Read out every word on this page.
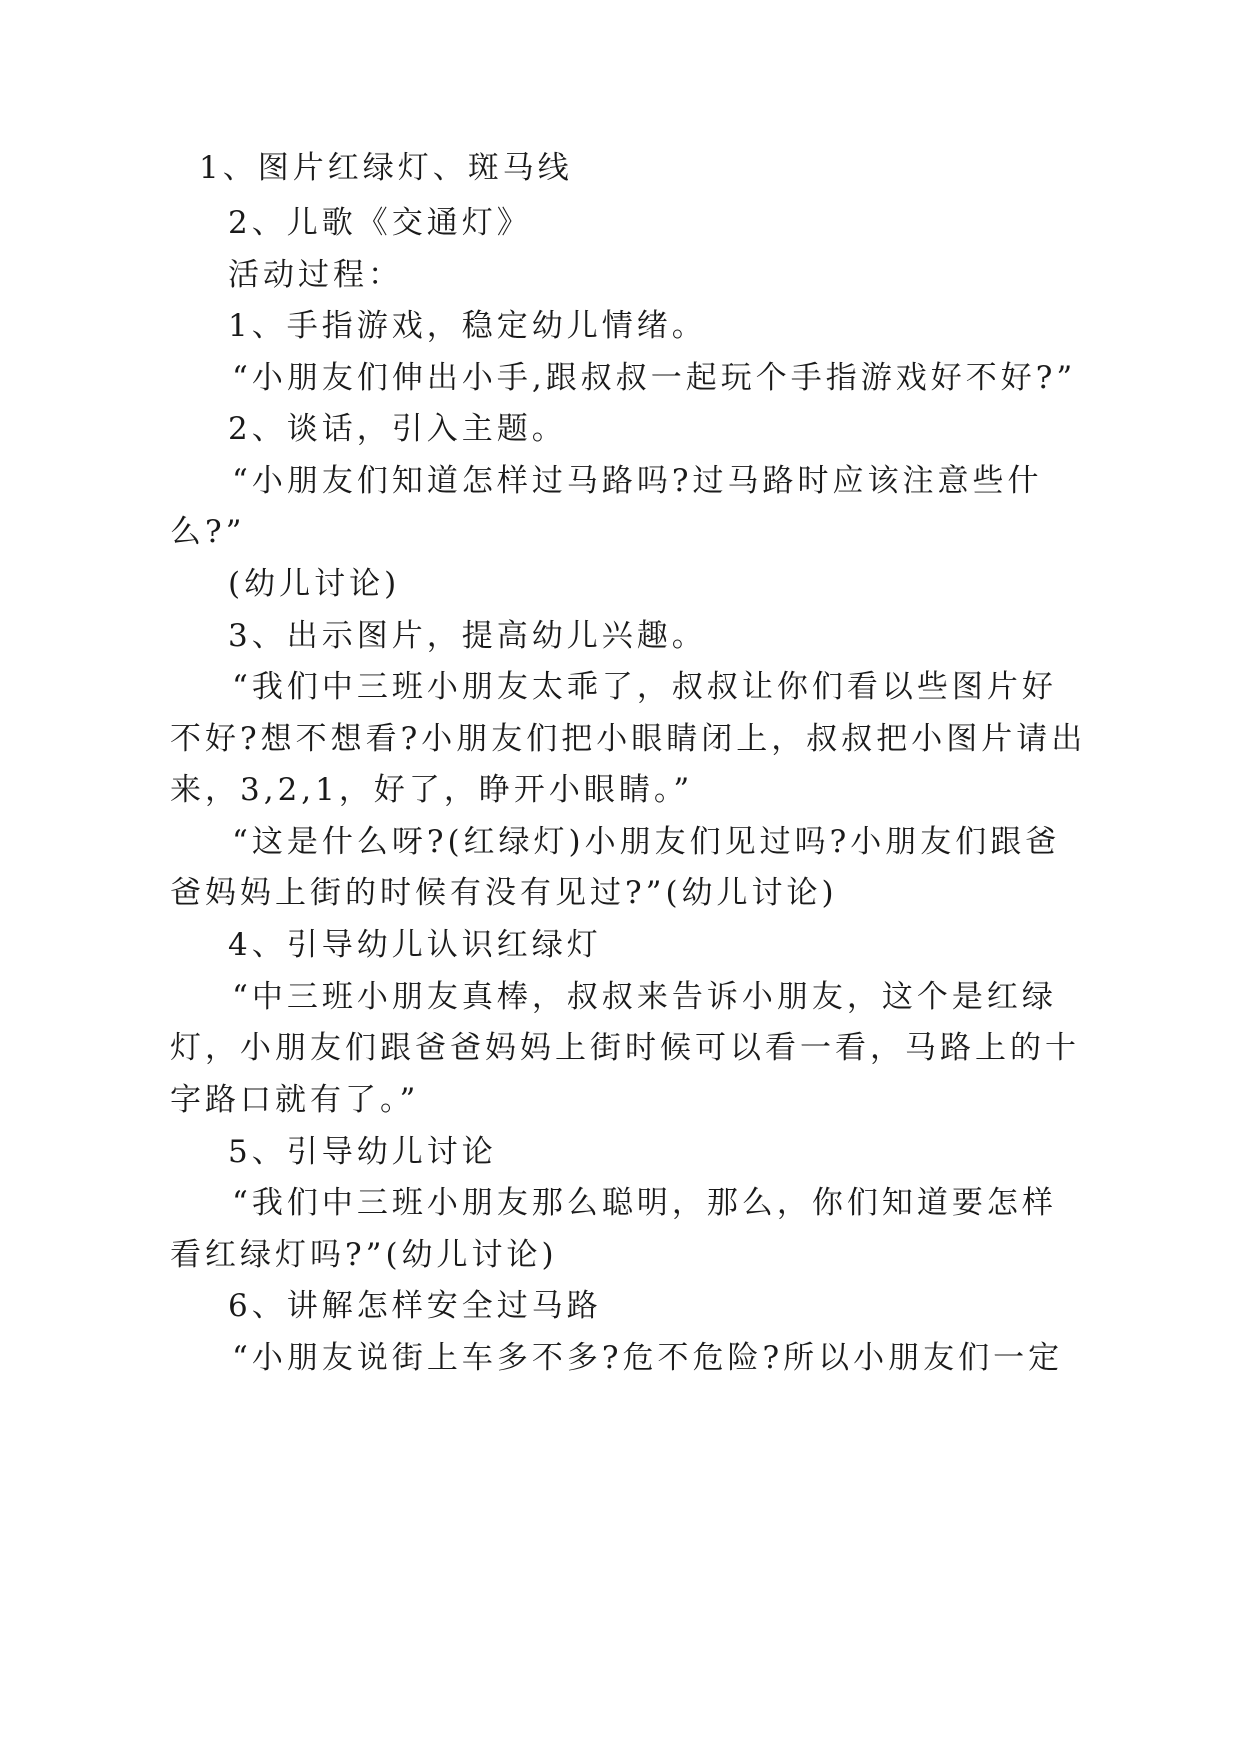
1、图片红绿灯、斑马线
2、儿歌《交通灯》
活动过程：
1、手指游戏，稳定幼儿情绪。
“小朋友们伸出小手,跟叔叔一起玩个手指游戏好不好?”
2、谈话，引入主题。
“小朋友们知道怎样过马路吗?过马路时应该注意些什
么?”
(幼儿讨论)
3、出示图片，提高幼儿兴趣。
“我们中三班小朋友太乖了，叔叔让你们看以些图片好
不好?想不想看?小朋友们把小眼睛闭上，叔叔把小图片请出
来，3,2,1，好了，睁开小眼睛。”
“这是什么呀?(红绿灯)小朋友们见过吗?小朋友们跟爸
爸妈妈上街的时候有没有见过?”(幼儿讨论)
4、引导幼儿认识红绿灯
“中三班小朋友真棒，叔叔来告诉小朋友，这个是红绿
灯，小朋友们跟爸爸妈妈上街时候可以看一看，马路上的十
字路口就有了。”
5、引导幼儿讨论
“我们中三班小朋友那么聪明，那么，你们知道要怎样
看红绿灯吗?”(幼儿讨论)
6、讲解怎样安全过马路
“小朋友说街上车多不多?危不危险?所以小朋友们一定
